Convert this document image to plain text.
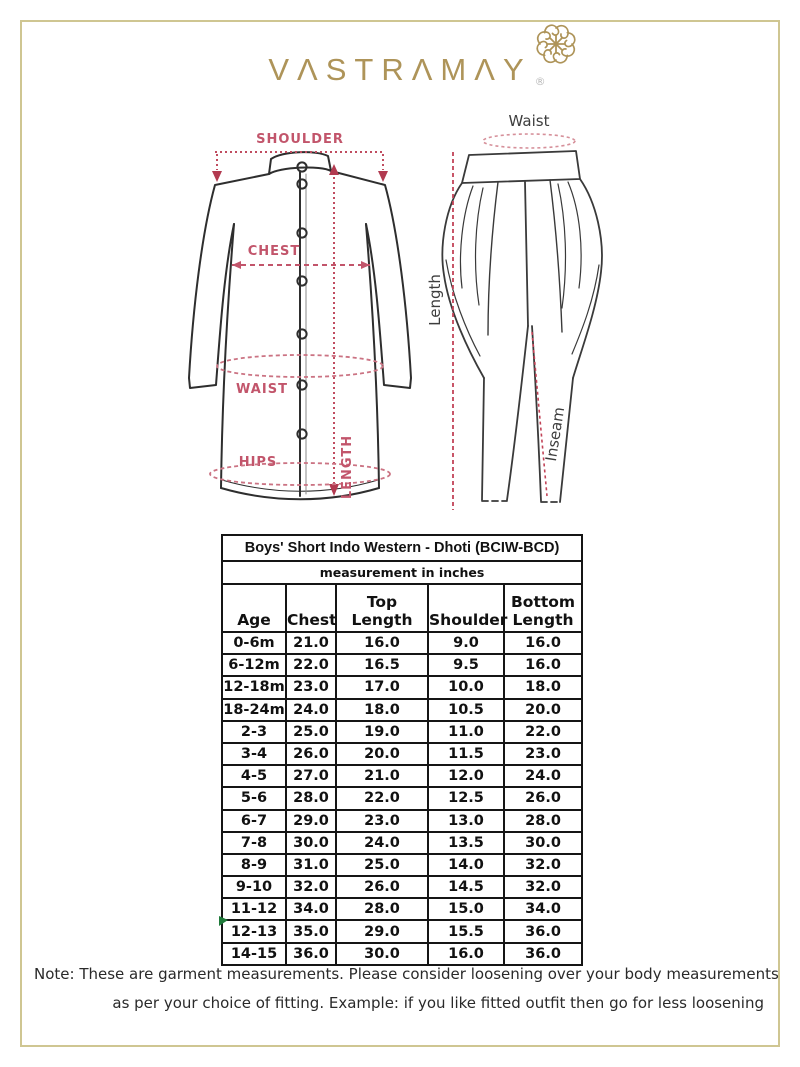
VΛSTRΛMΛY ®
SHOULDER
CHEST
WAIST
HIPS	LENGTH
Waist
Length
Inseam
Boys' Short Indo Western - Dhoti (BCIW-BCD)				
measurement in inches				
Age	Chest	Top Length	Shoulder	Bottom Length
0-6m	21.0	16.0	9.0	16.0
6-12m	22.0	16.5	9.5	16.0
12-18m	23.0	17.0	10.0	18.0
18-24m	24.0	18.0	10.5	20.0
2-3	25.0	19.0	11.0	22.0
3-4	26.0	20.0	11.5	23.0
4-5	27.0	21.0	12.0	24.0
5-6	28.0	22.0	12.5	26.0
6-7	29.0	23.0	13.0	28.0
7-8	30.0	24.0	13.5	30.0
8-9	31.0	25.0	14.0	32.0
9-10	32.0	26.0	14.5	32.0
11-12	34.0	28.0	15.0	34.0
12-13	35.0	29.0	15.5	36.0
14-15	36.0	30.0	16.0	36.0
Note: These are garment measurements. Please consider loosening over your body measurements
as per your choice of fitting. Example: if you like fitted outfit then go for less loosening
